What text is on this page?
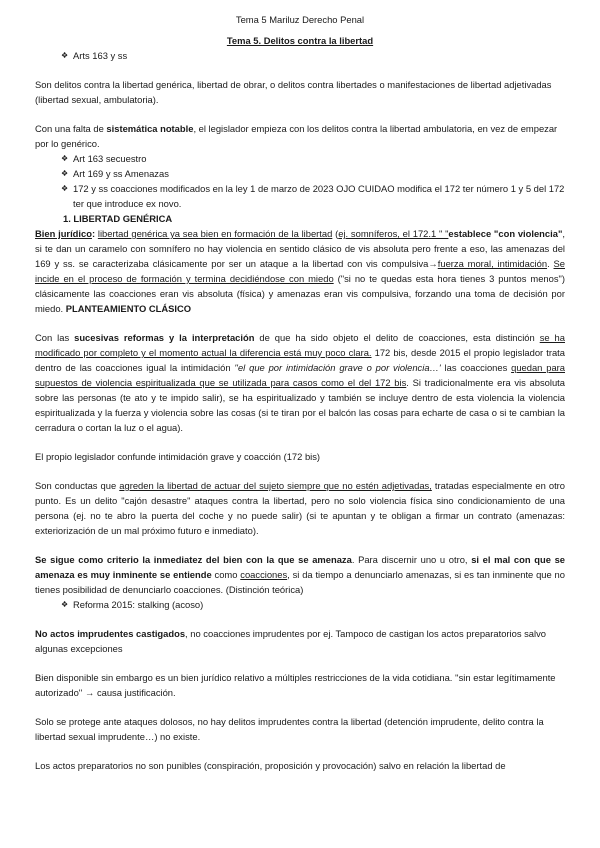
Tema 5 Mariluz Derecho Penal

Tema 5. Delitos contra la libertad

❖ Arts 163 y ss

Son delitos contra la libertad genérica, libertad de obrar, o delitos contra libertades o manifestaciones de libertad adjetivadas (libertad sexual, ambulatoria).

Con una falta de sistemática notable, el legislador empieza con los delitos contra la libertad ambulatoria, en vez de empezar por lo genérico.

❖ Art 163 secuestro
❖ Art 169 y ss Amenazas
❖ 172 y ss coacciones modificados en la ley 1 de marzo de 2023 OJO CUIDAO modifica el 172 ter número 1 y 5 del 172 ter que introduce ex novo.

1. LIBERTAD GENÉRICA

Bien jurídico: libertad genérica ya sea bien en formación de la libertad (ej. somníferos, el 172.1 " "establece "con violencia", si te dan un caramelo con somnífero no hay violencia en sentido clásico de vis absoluta pero frente a eso, las amenazas del 169 y ss. se caracterizaba clásicamente por ser un ataque a la libertad con vis compulsiva→fuerza moral, intimidación. Se incide en el proceso de formación y termina decidiéndose con miedo ("si no te quedas esta hora tienes 3 puntos menos") clásicamente las coacciones eran vis absoluta (física) y amenazas eran vis compulsiva, forzando una toma de decisión por miedo. PLANTEAMIENTO CLÁSICO

Con las sucesivas reformas y la interpretación de que ha sido objeto el delito de coacciones, esta distinción se ha modificado por completo y el momento actual la diferencia está muy poco clara. 172 bis, desde 2015 el propio legislador trata dentro de las coacciones igual la intimidación ''el que por intimidación grave o por violencia…' las coacciones quedan para supuestos de violencia espiritualizada que se utilizada para casos como el del 172 bis. Si tradicionalmente era vis absoluta sobre las personas (te ato y te impido salir), se ha espiritualizado y también se incluye dentro de esta violencia la violencia espiritualizada y la fuerza y violencia sobre las cosas (si te tiran por el balcón las cosas para echarte de casa o si te cambian la cerradura o cortan la luz o el agua).

El propio legislador confunde intimidación grave y coacción (172 bis)

Son conductas que agreden la libertad de actuar del sujeto siempre que no estén adjetivadas, tratadas especialmente en otro punto. Es un delito "cajón desastre" ataques contra la libertad, pero no solo violencia física sino condicionamiento de una persona (ej. no te abro la puerta del coche y no puede salir) (si te apuntan y te obligan a firmar un contrato (amenazas: exteriorización de un mal próximo futuro e inmediato).

Se sigue como criterio la inmediatez del bien con la que se amenaza. Para discernir uno u otro, si el mal con que se amenaza es muy inminente se entiende como coacciones, si da tiempo a denunciarlo amenazas, si es tan inminente que no tienes posibilidad de denunciarlo coacciones. (Distinción teórica)

❖ Reforma 2015: stalking (acoso)

No actos imprudentes castigados, no coacciones imprudentes por ej. Tampoco de castigan los actos preparatorios salvo algunas excepciones

Bien disponible sin embargo es un bien jurídico relativo a múltiples restricciones de la vida cotidiana. ''sin estar legítimamente autorizado'' → causa justificación.

Solo se protege ante ataques dolosos, no hay delitos imprudentes contra la libertad (detención imprudente, delito contra la libertad sexual imprudente…) no existe.

Los actos preparatorios no son punibles (conspiración, proposición y provocación) salvo en relación la libertad de
